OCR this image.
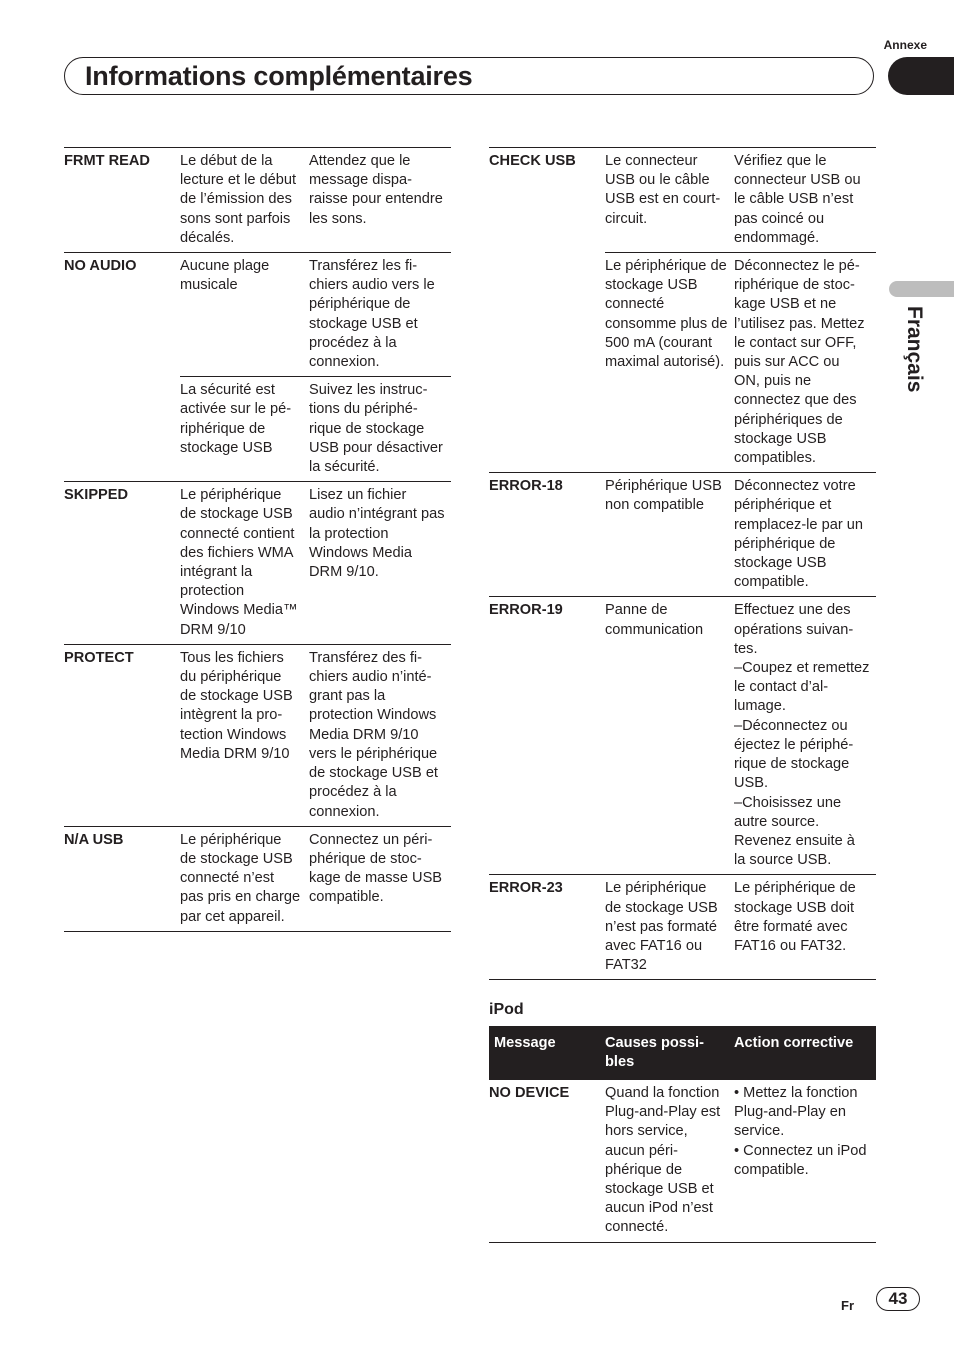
Annexe
Informations complémentaires
Français
FRMT READ	Le début de la lecture et le début de l’émission des sons sont parfois décalés.	Attendez que le message disparaisse pour entendre les sons.
NO AUDIO	Aucune plage musicale	Transférez les fichiers audio vers le périphérique de stockage USB et procédez à la connexion.
	La sécurité est activée sur le périphérique de stockage USB	Suivez les instructions du périphérique de stockage USB pour désactiver la sécurité.
SKIPPED	Le périphérique de stockage USB connecté contient des fichiers WMA intégrant la protection Windows Media™ DRM 9/10	Lisez un fichier audio n’intégrant pas la protection Windows Media DRM 9/10.
PROTECT	Tous les fichiers du périphérique de stockage USB intègrent la protection Windows Media DRM 9/10	Transférez des fichiers audio n’intégrant pas la protection Windows Media DRM 9/10 vers le périphérique de stockage USB et procédez à la connexion.
N/A USB	Le périphérique de stockage USB connecté n’est pas pris en charge par cet appareil.	Connectez un périphérique de stockage de masse USB compatible.
CHECK USB	Le connecteur USB ou le câble USB est en court-circuit.	Vérifiez que le connecteur USB ou le câble USB n’est pas coincé ou endommagé.
	Le périphérique de stockage USB connecté consomme plus de 500 mA (courant maximal autorisé).	Déconnectez le périphérique de stockage USB et ne l’utilisez pas. Mettez le contact sur OFF, puis sur ACC ou ON, puis ne connectez que des périphériques de stockage USB compatibles.
ERROR-18	Périphérique USB non compatible	Déconnectez votre périphérique et remplacez-le par un périphérique de stockage USB compatible.
ERROR-19	Panne de communication	Effectuez une des opérations suivantes.
–Coupez et remettez le contact d’allumage.
–Déconnectez ou éjectez le périphérique de stockage USB.
–Choisissez une autre source. Revenez ensuite à la source USB.
ERROR-23	Le périphérique de stockage USB n’est pas formaté avec FAT16 ou FAT32	Le périphérique de stockage USB doit être formaté avec FAT16 ou FAT32.
iPod
Message	Causes possibles	Action corrective
NO DEVICE	Quand la fonction Plug-and-Play est hors service, aucun périphérique de stockage USB et aucun iPod n’est connecté.	• Mettez la fonction Plug-and-Play en service.
• Connectez un iPod compatible.
Fr	43
